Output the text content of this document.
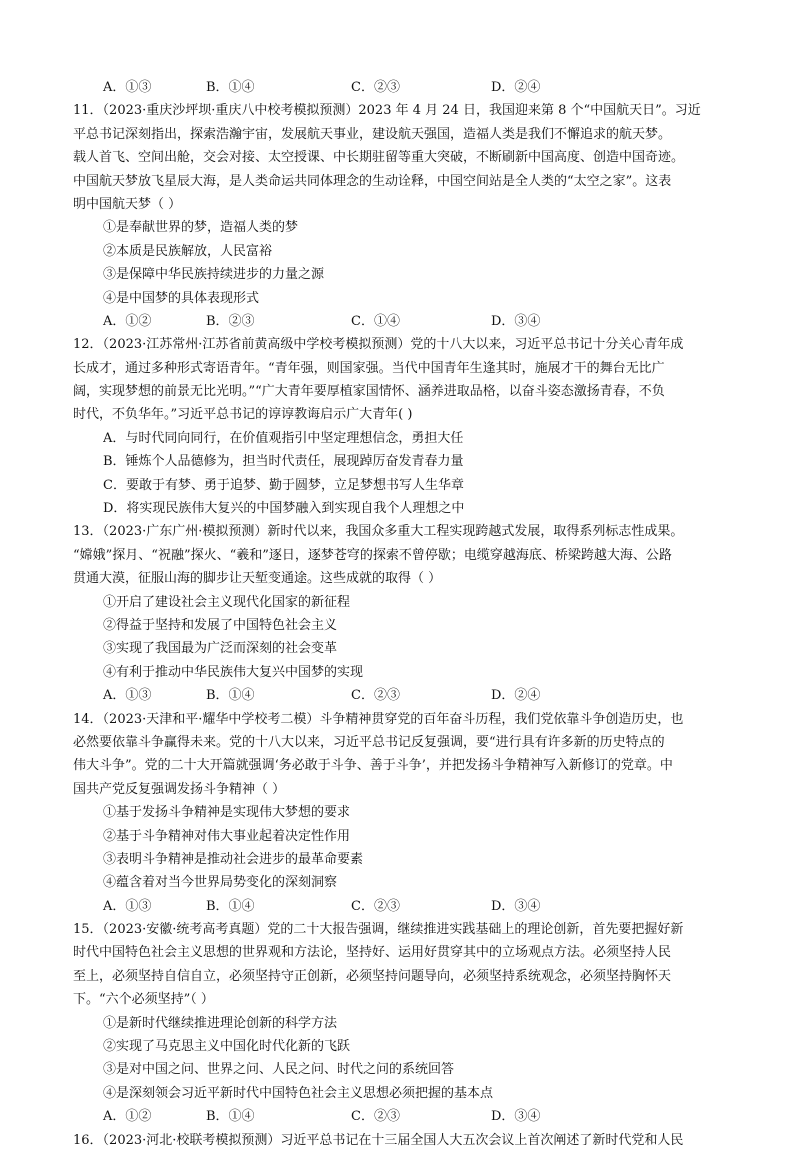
A．①③	B．①④	C．②③	D．②④
11．（2023·重庆沙坪坝·重庆八中校考模拟预测）2023 年 4 月 24 日，我国迎来第 8 个“中国航天日”。习近
平总书记深刻指出，探索浩瀚宇宙，发展航天事业，建设航天强国，造福人类是我们不懈追求的航天梦。
载人首飞、空间出舱，交会对接、太空授课、中长期驻留等重大突破，不断刷新中国高度、创造中国奇迹。
中国航天梦放飞星辰大海，是人类命运共同体理念的生动诠释，中国空间站是全人类的“太空之家”。这表
明中国航天梦（ ）
①是奉献世界的梦，造福人类的梦
②本质是民族解放，人民富裕
③是保障中华民族持续进步的力量之源
④是中国梦的具体表现形式
A．①②	B．②③	C．①④	D．③④
12．（2023·江苏常州·江苏省前黄高级中学校考模拟预测）党的十八大以来，习近平总书记十分关心青年成
长成才，通过多种形式寄语青年。“青年强，则国家强。当代中国青年生逢其时，施展才干的舞台无比广
阔，实现梦想的前景无比光明。”“广大青年要厚植家国情怀、涵养进取品格，以奋斗姿态激扬青春，不负
时代，不负华年。”习近平总书记的谆谆教诲启示广大青年( )
A．与时代同向同行，在价值观指引中坚定理想信念，勇担大任
B．锤炼个人品德修为，担当时代责任，展现踔厉奋发青春力量
C．要敢于有梦、勇于追梦、勤于圆梦，立足梦想书写人生华章
D．将实现民族伟大复兴的中国梦融入到实现自我个人理想之中
13．（2023·广东广州·模拟预测）新时代以来，我国众多重大工程实现跨越式发展，取得系列标志性成果。
“嫦娥”探月、“祝融”探火、“羲和”逐日，逐梦苍穹的探索不曾停歇；电缆穿越海底、桥梁跨越大海、公路
贯通大漠，征服山海的脚步让天堑变通途。这些成就的取得（ ）
①开启了建设社会主义现代化国家的新征程
②得益于坚持和发展了中国特色社会主义
③实现了我国最为广泛而深刻的社会变革
④有利于推动中华民族伟大复兴中国梦的实现
A．①③	B．①④	C．②③	D．②④
14．（2023·天津和平·耀华中学校考二模）斗争精神贯穿党的百年奋斗历程，我们党依靠斗争创造历史，也
必然要依靠斗争赢得未来。党的十八大以来，习近平总书记反复强调，要“进行具有许多新的历史特点的
伟大斗争”。党的二十大开篇就强调‘务必敢于斗争、善于斗争’，并把发扬斗争精神写入新修订的党章。中
国共产党反复强调发扬斗争精神（ ）
①基于发扬斗争精神是实现伟大梦想的要求
②基于斗争精神对伟大事业起着决定性作用
③表明斗争精神是推动社会进步的最革命要素
④蕴含着对当今世界局势变化的深刻洞察
A．①③	B．①④	C．②③	D．③④
15．（2023·安徽·统考高考真题）党的二十大报告强调，继续推进实践基础上的理论创新，首先要把握好新
时代中国特色社会主义思想的世界观和方法论，坚持好、运用好贯穿其中的立场观点方法。必须坚持人民
至上，必须坚持自信自立，必须坚持守正创新，必须坚持问题导向，必须坚持系统观念，必须坚持胸怀天
下。“六个必须坚持”（ ）
①是新时代继续推进理论创新的科学方法
②实现了马克思主义中国化时代化新的飞跃
③是对中国之问、世界之问、人民之问、时代之问的系统回答
④是深刻领会习近平新时代中国特色社会主义思想必须把握的基本点
A．①②	B．①④	C．②③	D．③④
16．（2023·河北·校联考模拟预测）习近平总书记在十三届全国人大五次会议上首次阐述了新时代党和人民
